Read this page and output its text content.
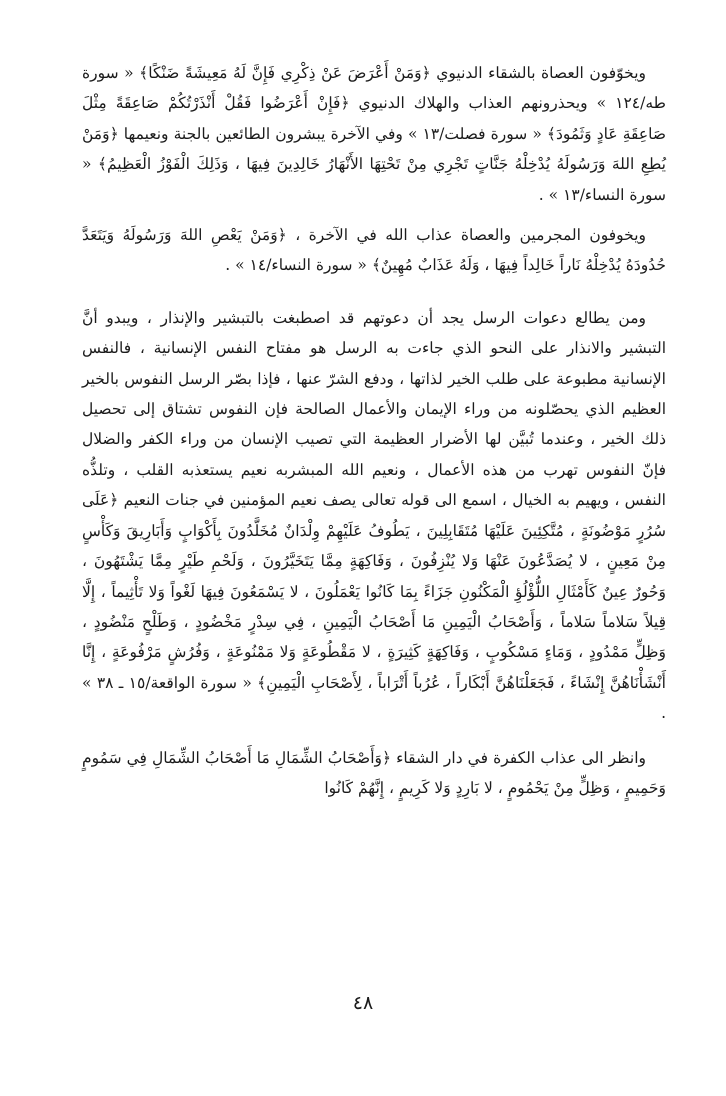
ويخوّفون العصاة بالشقاء الدنيوي ﴿وَمَنْ أَعْرَضَ عَنْ ذِكْرِي فَإِنَّ لَهُ مَعِيشَةً ضَنْكًا﴾ « سورة طه/١٢٤ » ويحذرونهم العذاب والهلاك الدنيوي ﴿فَإِنْ أَعْرَضُوا فَقُلْ أَنْذَرْتُكُمْ صَاعِقَةً مِثْلَ صَاعِقَةِ عَادٍ وَثَمُودَ﴾ « سورة فصلت/١٣ » وفي الآخرة يبشرون الطائعين بالجنة ونعيمها ﴿وَمَنْ يُطِعِ اللهَ وَرَسُولَهُ يُدْخِلْهُ جَنَّاتٍ تَجْرِي مِنْ تَحْتِهَا الأَنْهَارُ خَالِدِينَ فِيهَا ، وَذَلِكَ الْفَوْزُ الْعَظِيمُ﴾ « سورة النساء/١٣ » .

ويخوفون المجرمين والعصاة عذاب الله في الآخرة ، ﴿وَمَنْ يَعْصِ اللهَ وَرَسُولَهُ وَيَتَعَدَّ حُدُودَهُ يُدْخِلْهُ نَاراً خَالِداً فِيهَا ، وَلَهُ عَذَابٌ مُهِينٌ﴾ « سورة النساء/١٤ » .

ومن يطالع دعوات الرسل يجد أن دعوتهم قد اصطبغت بالتبشير والإنذار ، ويبدو أنَّ التبشير والانذار على النحو الذي جاءت به الرسل هو مفتاح النفس الإنسانية ، فالنفس الإنسانية مطبوعة على طلب الخير لذاتها ، ودفع الشرّ عنها ، فإذا بصّر الرسل النفوس بالخير العظيم الذي يحصّلونه من وراء الإيمان والأعمال الصالحة فإن النفوس تشتاق إلى تحصيل ذلك الخير ، وعندما تُبيَّن لها الأضرار العظيمة التي تصيب الإنسان من وراء الكفر والضلال فإنّ النفوس تهرب من هذه الأعمال ، ونعيم الله المبشربه نعيم يستعذبه القلب ، وتلذُّه النفس ، ويهيم به الخيال ، اسمع الى قوله تعالى يصف نعيم المؤمنين في جنات النعيم ﴿عَلَى سُرُرٍ مَوْضُونَةٍ ، مُتَّكِئِينَ عَلَيْهَا مُتَقَابِلِينَ ، يَطُوفُ عَلَيْهِمْ وِلْدَانٌ مُخَلَّدُونَ بِأَكْوَابٍ وَأَبَارِيقَ وَكَأْسٍ مِنْ مَعِينٍ ، لا يُصَدَّعُونَ عَنْهَا وَلا يُنْزِفُونَ ، وَفَاكِهَةٍ مِمَّا يَتَخَيَّرُونَ ، وَلَحْمِ طَيْرٍ مِمَّا يَشْتَهُونَ ، وَحُورٌ عِينٌ كَأَمْثَالِ اللُّؤْلُؤِ الْمَكْنُونِ جَزَاءً بِمَا كَانُوا يَعْمَلُونَ ، لا يَسْمَعُونَ فِيهَا لَغْواً وَلا تَأْثِيماً ، إِلَّا قِيلاً سَلاماً سَلاماً ، وَأَصْحَابُ الْيَمِينِ مَا أَصْحَابُ الْيَمِينِ ، فِي سِدْرٍ مَخْضُودٍ ، وَطَلْحٍ مَنْضُودٍ ، وَظِلٍّ مَمْدُودٍ ، وَمَاءٍ مَسْكُوبٍ ، وَفَاكِهَةٍ كَثِيرَةٍ ، لا مَقْطُوعَةٍ وَلا مَمْنُوعَةٍ ، وَفُرُشٍ مَرْفُوعَةٍ ، إِنَّا أَنْشَأْنَاهُنَّ إِنْشَاءً ، فَجَعَلْنَاهُنَّ أَبْكَاراً ، عُرُباً أَتْرَاباً ، لِأَصْحَابِ الْيَمِينِ﴾ « سورة الواقعة/١٥ ـ ٣٨ » .

وانظر الى عذاب الكفرة في دار الشقاء ﴿وَأَصْحَابُ الشِّمَالِ مَا أَصْحَابُ الشِّمَالِ فِي سَمُومٍ وَحَمِيمٍ ، وَظِلٍّ مِنْ يَحْمُومٍ ، لا بَارِدٍ وَلا كَرِيمٍ ، إِنَّهُمْ كَانُوا

٤٨
